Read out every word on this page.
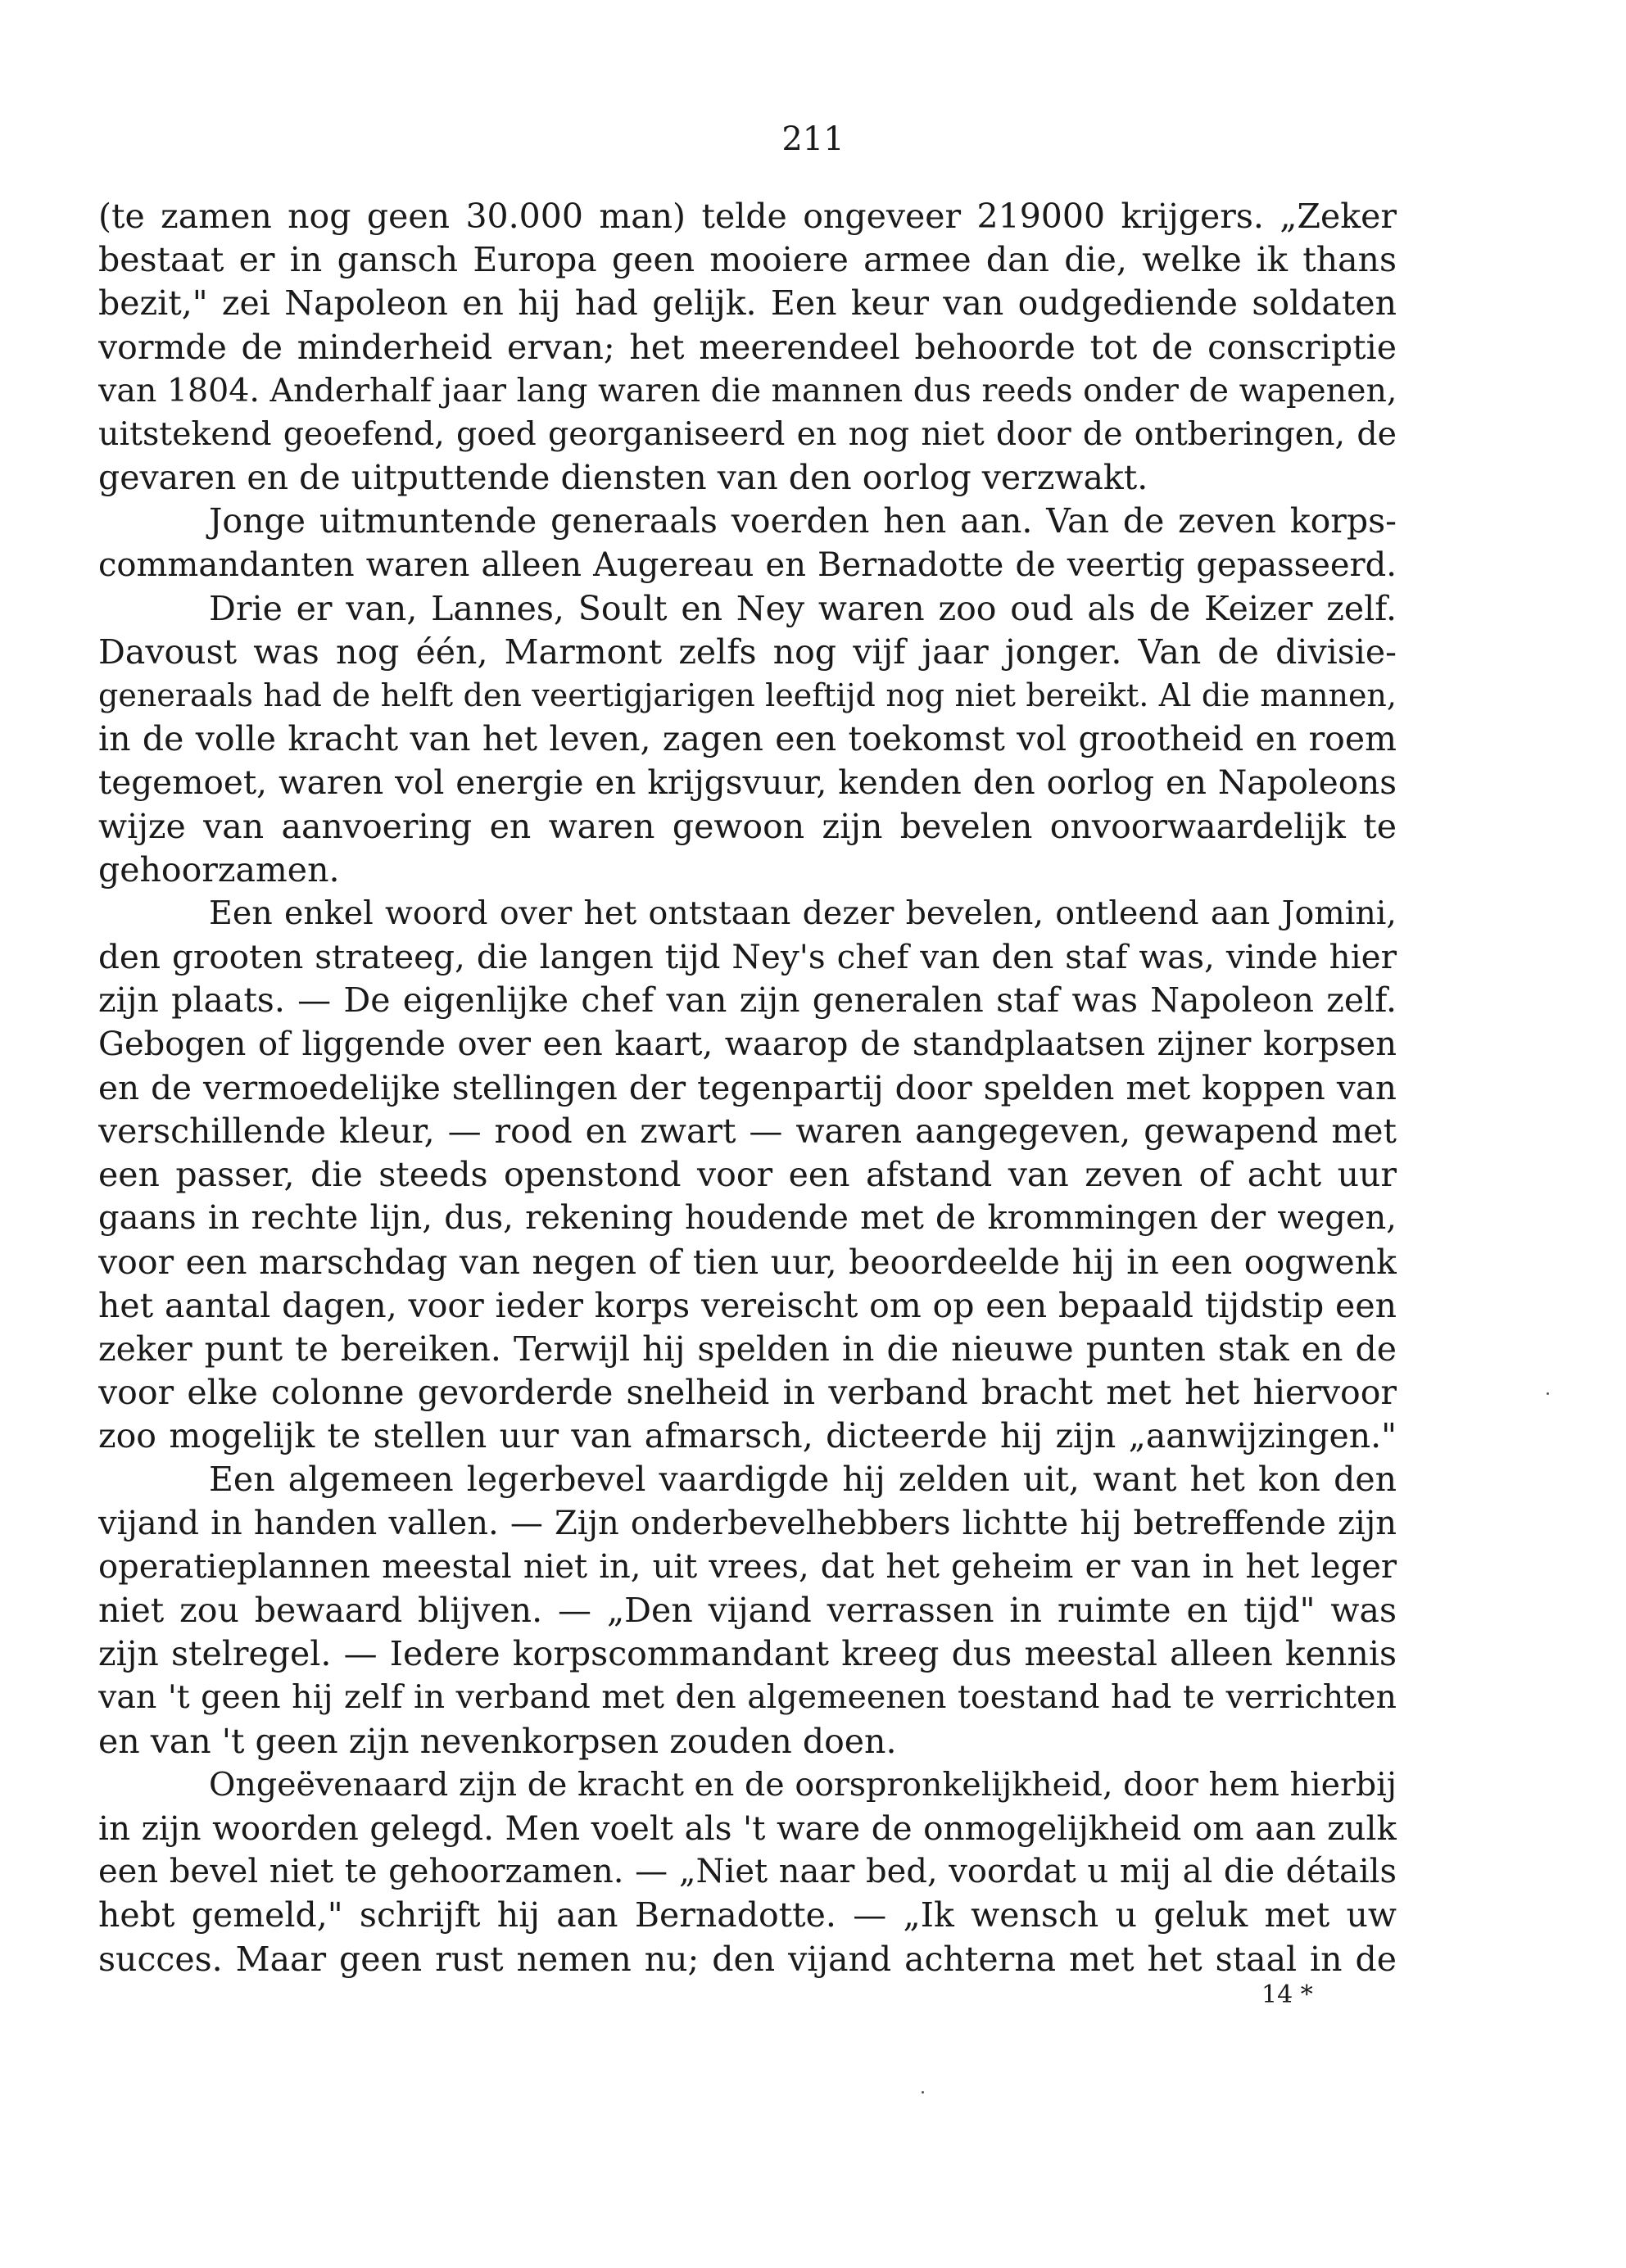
211
(te zamen nog geen 30.000 man) telde ongeveer 219000 krijgers. „Zeker
bestaat er in gansch Europa geen mooiere armee dan die, welke ik thans
bezit," zei Napoleon en hij had gelijk. Een keur van oudgediende soldaten
vormde de minderheid ervan; het meerendeel behoorde tot de conscriptie
van 1804. Anderhalf jaar lang waren die mannen dus reeds onder de wapenen,
uitstekend geoefend, goed georganiseerd en nog niet door de ontberingen, de
gevaren en de uitputtende diensten van den oorlog verzwakt.
Jonge uitmuntende generaals voerden hen aan. Van de zeven korps-
commandanten waren alleen Augereau en Bernadotte de veertig gepasseerd.
Drie er van, Lannes, Soult en Ney waren zoo oud als de Keizer zelf.
Davoust was nog één, Marmont zelfs nog vijf jaar jonger. Van de divisie-
generaals had de helft den veertigjarigen leeftijd nog niet bereikt. Al die mannen,
in de volle kracht van het leven, zagen een toekomst vol grootheid en roem
tegemoet, waren vol energie en krijgsvuur, kenden den oorlog en Napoleons
wijze van aanvoering en waren gewoon zijn bevelen onvoorwaardelijk te
gehoorzamen.
Een enkel woord over het ontstaan dezer bevelen, ontleend aan Jomini,
den grooten strateeg, die langen tijd Ney's chef van den staf was, vinde hier
zijn plaats. — De eigenlijke chef van zijn generalen staf was Napoleon zelf.
Gebogen of liggende over een kaart, waarop de standplaatsen zijner korpsen
en de vermoedelijke stellingen der tegenpartij door spelden met koppen van
verschillende kleur, — rood en zwart — waren aangegeven, gewapend met
een passer, die steeds openstond voor een afstand van zeven of acht uur
gaans in rechte lijn, dus, rekening houdende met de krommingen der wegen,
voor een marschdag van negen of tien uur, beoordeelde hij in een oogwenk
het aantal dagen, voor ieder korps vereischt om op een bepaald tijdstip een
zeker punt te bereiken. Terwijl hij spelden in die nieuwe punten stak en de
voor elke colonne gevorderde snelheid in verband bracht met het hiervoor
zoo mogelijk te stellen uur van afmarsch, dicteerde hij zijn „aanwijzingen."
Een algemeen legerbevel vaardigde hij zelden uit, want het kon den
vijand in handen vallen. — Zijn onderbevelhebbers lichtte hij betreffende zijn
operatieplannen meestal niet in, uit vrees, dat het geheim er van in het leger
niet zou bewaard blijven. — „Den vijand verrassen in ruimte en tijd" was
zijn stelregel. — Iedere korpscommandant kreeg dus meestal alleen kennis
van 't geen hij zelf in verband met den algemeenen toestand had te verrichten
en van 't geen zijn nevenkorpsen zouden doen.
Ongeëvenaard zijn de kracht en de oorspronkelijkheid, door hem hierbij
in zijn woorden gelegd. Men voelt als 't ware de onmogelijkheid om aan zulk
een bevel niet te gehoorzamen. — „Niet naar bed, voordat u mij al die détails
hebt gemeld," schrijft hij aan Bernadotte. — „Ik wensch u geluk met uw
succes. Maar geen rust nemen nu; den vijand achterna met het staal in de
14 *
